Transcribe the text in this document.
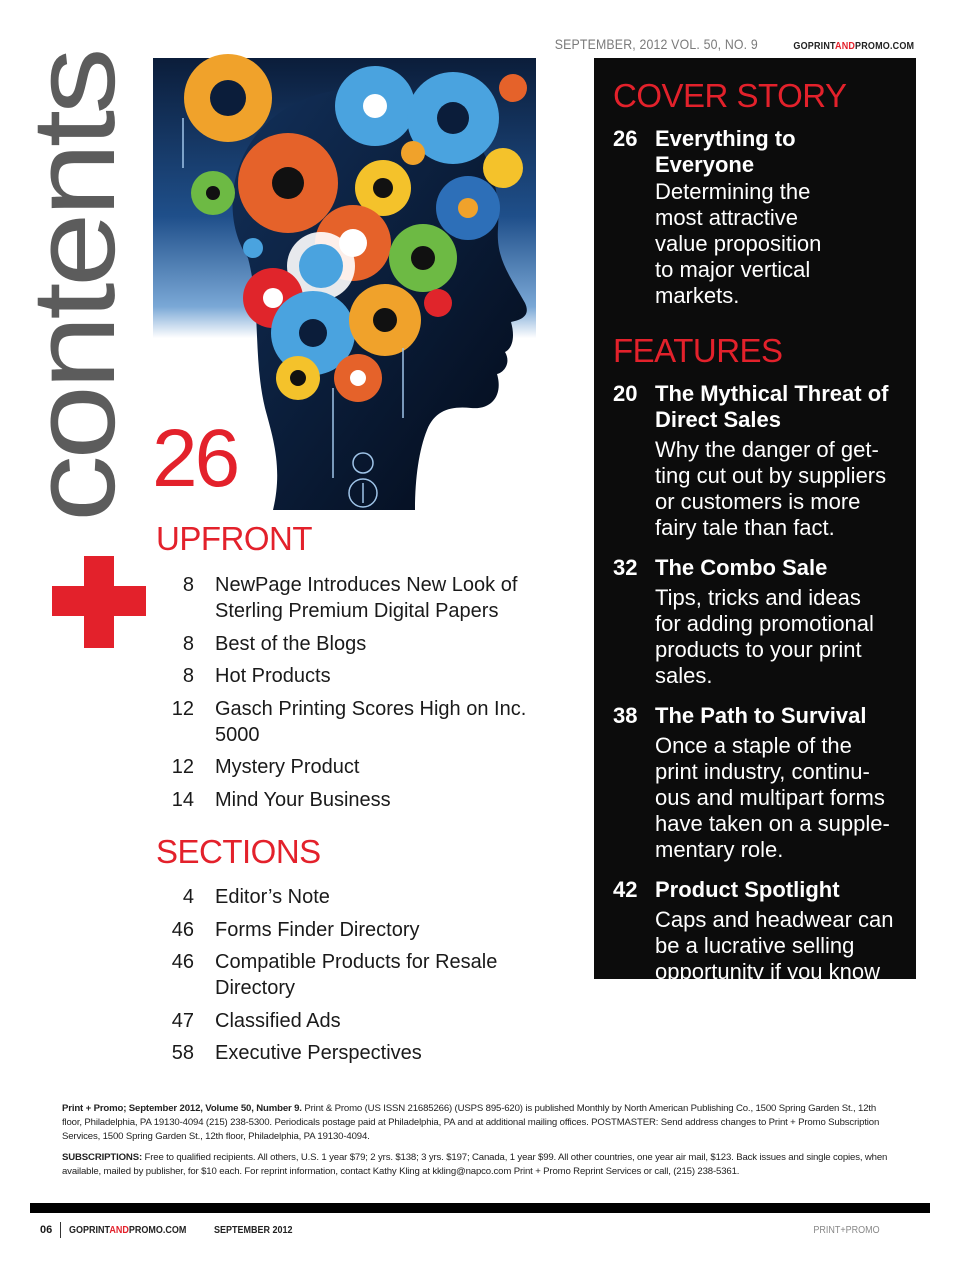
contents
SEPTEMBER, 2012 VOL. 50, NO. 9	GOPRINTANDPROMO.COM
26
UPFRONT
8 NewPage Introduces New Look of Sterling Premium Digital Papers
8 Best of the Blogs
8 Hot Products
12 Gasch Printing Scores High on Inc. 5000
12 Mystery Product
14 Mind Your Business
SECTIONS
4 Editor’s Note
46 Forms Finder Directory
46 Compatible Products for Resale Directory
47 Classified Ads
58 Executive Perspectives
COVER STORY
26 Everything to Everyone
Determining the most attractive value proposition to major vertical markets.
FEATURES
20 The Mythical Threat of Direct Sales
Why the danger of get-ting cut out by suppliers or customers is more fairy tale than fact.
32 The Combo Sale
Tips, tricks and ideas for adding promotional products to your print sales.
38 The Path to Survival
Once a staple of the print industry, continu-ous and multipart forms have taken on a supple-mentary role.
42 Product Spotlight
Caps and headwear can be a lucrative selling opportunity if you know the latest trends.

Print + Promo; September 2012, Volume 50, Number 9. Print & Promo (US ISSN 21685266) (USPS 895-620) is published Monthly by North American Publishing Co., 1500 Spring Garden St., 12th floor, Philadelphia, PA 19130-4094 (215) 238-5300. Periodicals postage paid at Philadelphia, PA and at additional mailing offices. POSTMASTER: Send address changes to Print + Promo Subscription Services, 1500 Spring Garden St., 12th floor, Philadelphia, PA 19130-4094.

SUBSCRIPTIONS: Free to qualified recipients. All others, U.S. 1 year $79; 2 yrs. $138; 3 yrs. $197; Canada, 1 year $99. All other countries, one year air mail, $123. Back issues and single copies, when available, mailed by publisher, for $10 each. For reprint information, contact Kathy Kling at kkling@napco.com Print + Promo Reprint Services or call, (215) 238-5361.

06 GOPRINTANDPROMO.COM	SEPTEMBER 2012	PRINT+PROMO
